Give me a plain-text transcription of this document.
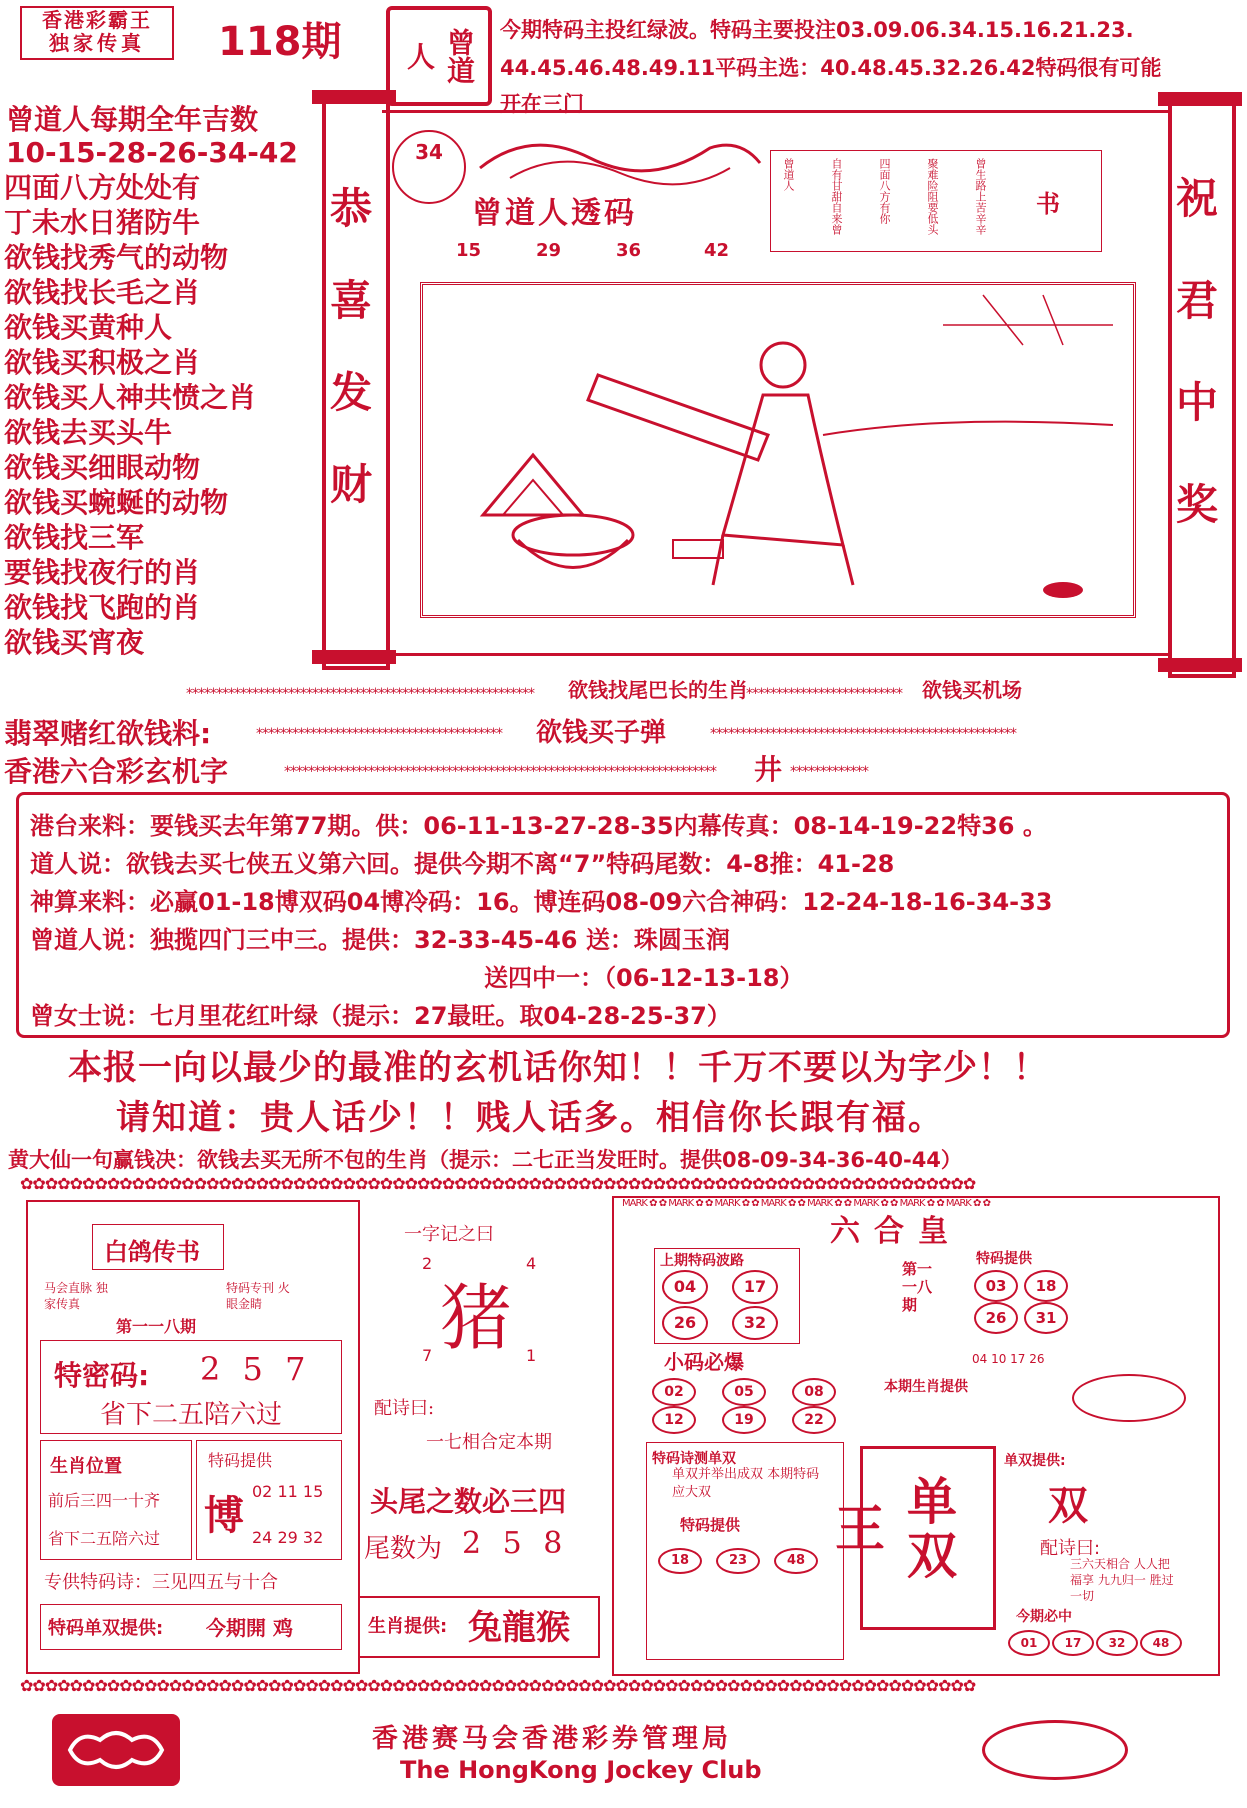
香港彩霸王
独家传真	118期	曾道人
今期特码主投红绿波。特码主要投注03.09.06.34.15.16.21.23.
44.45.46.48.49.11平码主选：40.48.45.32.26.42特码很有可能
开在三门
曾道人每期全年吉数
10-15-28-26-34-42
四面八方处处有
丁未水日猪防牛
欲钱找秀气的动物
欲钱找长毛之肖
欲钱买黄种人
欲钱买积极之肖
欲钱买人神共愤之肖
欲钱去买头牛
欲钱买细眼动物
欲钱买蜿蜒的动物
欲钱找三军
要钱找夜行的肖
欲钱找飞跑的肖
欲钱买宵夜
恭喜发财	祝君中奖
34
曾道人透码
15	29	36	42
书
曾道人	自有甘甜自来曾	四面八方有你	聚难险阻要低头	曾生路上苦辛辛
**********************************************************	欲钱找尾巴长的生肖
**************************	欲钱买机场
翡翠赌红欲钱料:	*****************************************	欲钱买子弹	***************************************************
香港六合彩玄机字	************************************************************************	井 *************
港台来料：要钱买去年第77期。供：06-11-13-27-28-35内幕传真：08-14-19-22特36 。
道人说：欲钱去买七侠五义第六回。提供今期不离“7”特码尾数：4-8推：41-28
神算来料：必赢01-18博双码04博冷码：16。博连码08-09六合神码：12-24-18-16-34-33
曾道人说：独揽四门三中三。提供：32-33-45-46 送：珠圆玉润
送四中一：（06-12-13-18）
曾女士说：七月里花红叶绿（提示：27最旺。取04-28-25-37）
本报一向以最少的最准的玄机话你知！！千万不要以为字少！！
请知道：贵人话少！！贱人话多。相信你长跟有福。
黄大仙一句赢钱决：欲钱去买无所不包的生肖（提示：二七正当发旺时。提供08-09-34-36-40-44）
✿✿✿✿✿✿✿✿✿✿✿✿✿✿✿✿✿✿✿✿✿✿✿✿✿✿✿✿✿✿✿✿✿✿✿✿✿✿✿✿✿✿✿✿✿✿✿✿✿✿✿✿✿✿✿✿✿✿✿✿✿✿✿✿✿✿✿✿✿✿✿✿✿✿✿✿✿
✿✿✿✿✿✿✿✿✿✿✿✿✿✿✿✿✿✿✿✿✿✿✿✿✿✿✿✿✿✿✿✿✿✿✿✿✿✿✿✿✿✿✿✿✿✿✿✿✿✿✿✿✿✿✿✿✿✿✿✿✿✿✿✿✿✿✿✿✿✿✿✿✿✿✿✿✿
白鸽传书
马会直脉 独家传真
特码专刊 火眼金睛
第一一八期
特密码: 2 5 7
省下二五陪六过
生肖位置
前后三四一十齐
省下二五陪六过
特码提供
博
02 11 15
24 29 32
专供特码诗：三见四五与十合
特码单双提供: 今期開 鸡
一字记之曰
2	4
猪
7	1
配诗曰:
一七相合定本期
头尾之数必三四
尾数为 2 5 8
生肖提供: 兔龍猴
MARK ✿ ✿ MARK ✿ ✿ MARK ✿ ✿ MARK ✿ ✿ MARK ✿ ✿ MARK ✿ ✿ MARK ✿ ✿ MARK ✿ ✿
六合皇
上期特码波路
04	17
26	32
第一一八期
特码提供
03	18
26	31
小码必爆
02	05	08
12	19	22
04 10 17 26
本期生肖提供
特码诗测单双
单双并举出成双 本期特码应大双
特码提供
18	23	48	单双王
单双提供:
双
配诗曰:
三六天相合 人人把福享 九九归一 胜过一切
今期必中
01	17	32	48
香港赛马会香港彩券管理局
The HongKong Jockey Club
